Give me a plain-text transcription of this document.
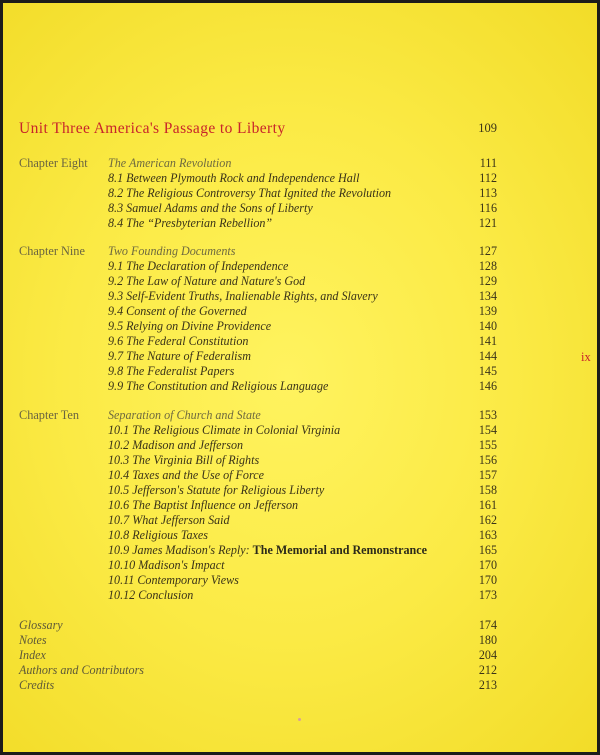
Unit Three America's Passage to Liberty	109
Chapter Eight The American Revolution	111
8.1 Between Plymouth Rock and Independence Hall	112
8.2 The Religious Controversy That Ignited the Revolution	113
8.3 Samuel Adams and the Sons of Liberty	116
8.4 The “Presbyterian Rebellion”	121
Chapter Nine Two Founding Documents	127
9.1 The Declaration of Independence	128
9.2 The Law of Nature and Nature's God	129
9.3 Self-Evident Truths, Inalienable Rights, and Slavery	134
9.4 Consent of the Governed	139
9.5 Relying on Divine Providence	140
9.6 The Federal Constitution	141
9.7 The Nature of Federalism	144
9.8 The Federalist Papers	145
9.9 The Constitution and Religious Language	146
Chapter Ten Separation of Church and State	153
10.1 The Religious Climate in Colonial Virginia	154
10.2 Madison and Jefferson	155
10.3 The Virginia Bill of Rights	156
10.4 Taxes and the Use of Force	157
10.5 Jefferson's Statute for Religious Liberty	158
10.6 The Baptist Influence on Jefferson	161
10.7 What Jefferson Said	162
10.8 Religious Taxes	163
10.9 James Madison's Reply: The Memorial and Remonstrance	165
10.10 Madison's Impact	170
10.11 Contemporary Views	170
10.12 Conclusion	173
Glossary	174
Notes	180
Index	204
Authors and Contributors	212
Credits	213
ix
